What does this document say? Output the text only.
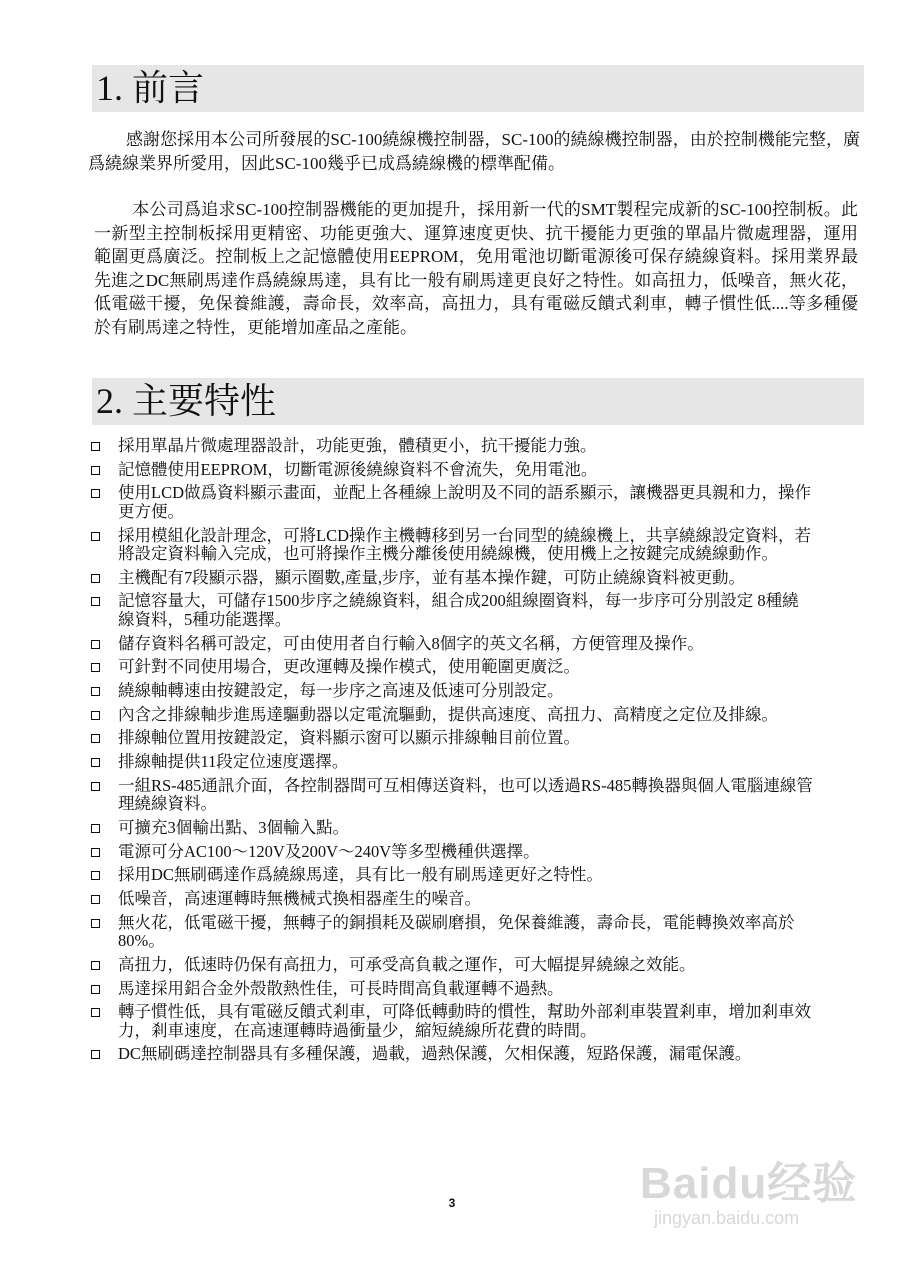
1. 前言

感謝您採用本公司所發展的SC-100繞線機控制器，SC-100的繞線機控制器，由於控制機能完整，廣爲繞線業界所愛用，因此SC-100幾乎已成爲繞線機的標準配備。

本公司爲追求SC-100控制器機能的更加提升，採用新一代的SMT製程完成新的SC-100控制板。此一新型主控制板採用更精密、功能更強大、運算速度更快、抗干擾能力更強的單晶片微處理器，運用範圍更爲廣泛。控制板上之記憶體使用EEPROM，免用電池切斷電源後可保存繞線資料。採用業界最先進之DC無刷馬達作爲繞線馬達，具有比一般有刷馬達更良好之特性。如高扭力，低噪音，無火花，低電磁干擾，免保養維護，壽命長，效率高，高扭力，具有電磁反饋式剎車，轉子慣性低....等多種優於有刷馬達之特性，更能增加產品之產能。

2. 主要特性
採用單晶片微處理器設計，功能更強，體積更小，抗干擾能力強。
記憶體使用EEPROM，切斷電源後繞線資料不會流失，免用電池。
使用LCD做爲資料顯示畫面，並配上各種線上說明及不同的語系顯示，讓機器更具親和力，操作更方便。
採用模組化設計理念，可將LCD操作主機轉移到另一台同型的繞線機上，共享繞線設定資料，若將設定資料輸入完成，也可將操作主機分離後使用繞線機，使用機上之按鍵完成繞線動作。
主機配有7段顯示器，顯示圈數,產量,步序，並有基本操作鍵，可防止繞線資料被更動。
記憶容量大，可儲存1500步序之繞線資料，組合成200組線圈資料，每一步序可分別設定 8種繞線資料，5種功能選擇。
儲存資料名稱可設定，可由使用者自行輸入8個字的英文名稱，方便管理及操作。
可針對不同使用場合，更改運轉及操作模式，使用範圍更廣泛。
繞線軸轉速由按鍵設定，每一步序之高速及低速可分別設定。
內含之排線軸步進馬達驅動器以定電流驅動，提供高速度、高扭力、高精度之定位及排線。
排線軸位置用按鍵設定，資料顯示窗可以顯示排線軸目前位置。
排線軸提供11段定位速度選擇。
一組RS-485通訊介面，各控制器間可互相傳送資料，也可以透過RS-485轉換器與個人電腦連線管理繞線資料。
可擴充3個輸出點、3個輸入點。
電源可分AC100～120V及200V～240V等多型機種供選擇。
採用DC無刷碼達作爲繞線馬達，具有比一般有刷馬達更好之特性。
低噪音，高速運轉時無機械式換相器產生的噪音。
無火花，低電磁干擾，無轉子的銅損耗及碳刷磨損，免保養維護，壽命長，電能轉換效率高於80%。
高扭力，低速時仍保有高扭力，可承受高負載之運作，可大幅提昇繞線之效能。
馬達採用鋁合金外殼散熱性佳，可長時間高負載運轉不過熱。
轉子慣性低，具有電磁反饋式剎車，可降低轉動時的慣性，幫助外部剎車裝置剎車，增加剎車效力，剎車速度，在高速運轉時過衝量少，縮短繞線所花費的時間。
DC無刷碼達控制器具有多種保護，過載，過熱保護，欠相保護，短路保護，漏電保護。
3	Baidu经验
jingyan.baidu.com
